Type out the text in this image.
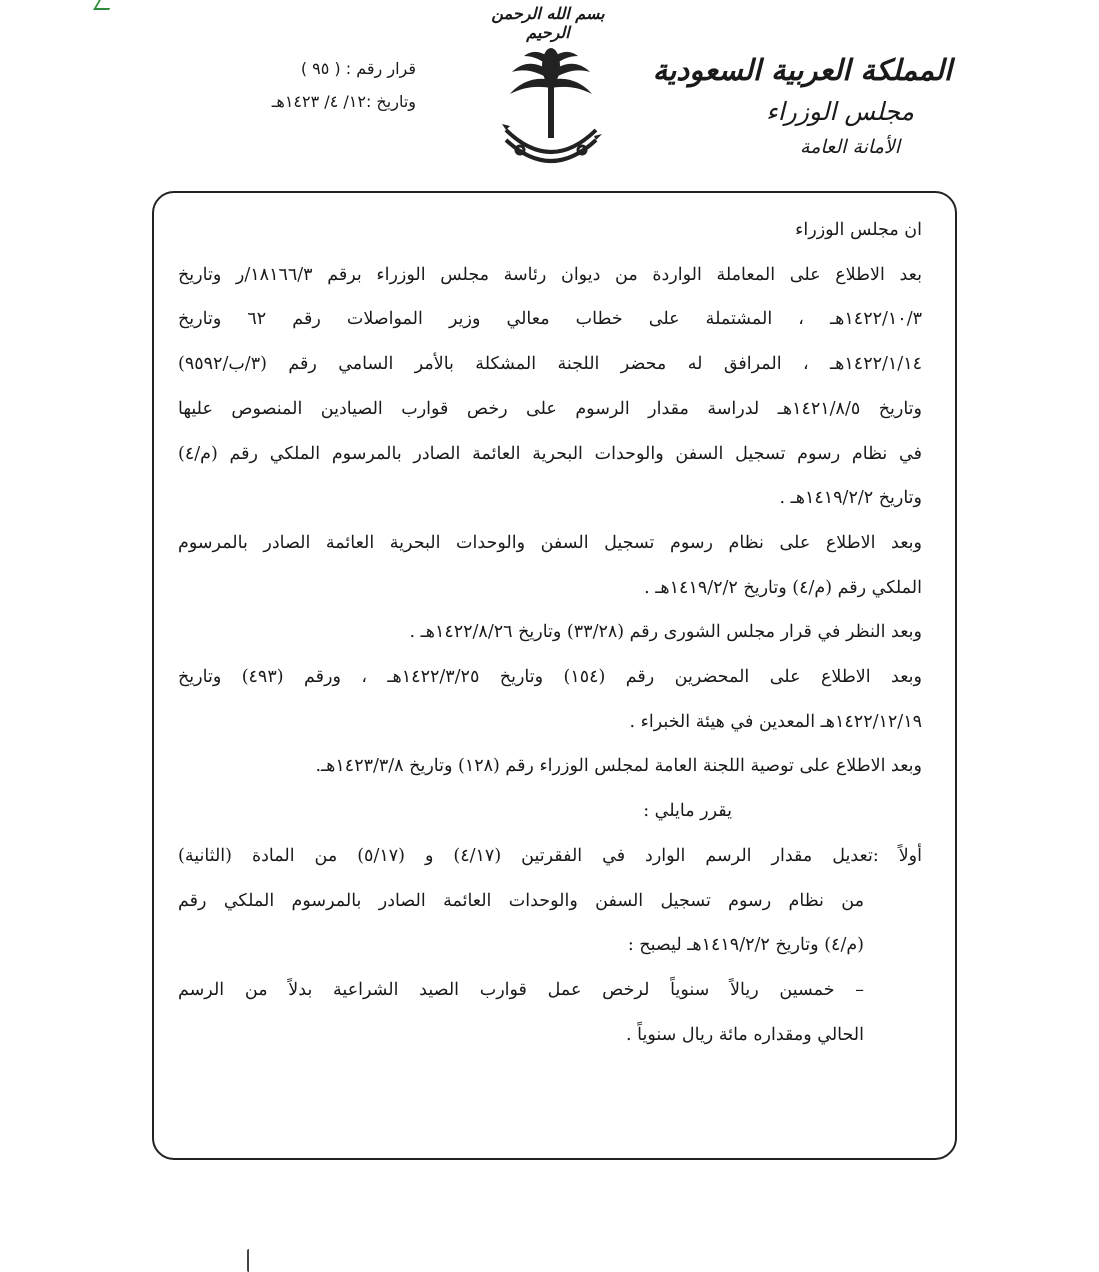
بسم الله الرحمن الرحيم
قرار رقم : ( ٩٥ )
وتاريخ :١٢/ ٤/ ١٤٢٣هـ
المملكة العربية السعودية
مجلس الوزراء
الأمانة العامة
ان مجلس الوزراء
بعد الاطلاع على المعاملة الواردة من ديوان رئاسة مجلس الوزراء برقم ١٨١٦٦/٣/ر وتاريخ
١٤٢٢/١٠/٣هـ ، المشتملة على خطاب معالي وزير المواصلات رقم ٦٢ وتاريخ
١٤٢٢/١/١٤هـ ، المرافق له محضر اللجنة المشكلة بالأمر السامي رقم (٣/ب/٩٥٩٢)
وتاريخ ١٤٢١/٨/٥هـ لدراسة مقدار الرسوم على رخص قوارب الصيادين المنصوص عليها
في نظام رسوم تسجيل السفن والوحدات البحرية العائمة الصادر بالمرسوم الملكي رقم (م/٤)
وتاريخ ١٤١٩/٢/٢هـ .
وبعد الاطلاع على نظام رسوم تسجيل السفن والوحدات البحرية العائمة الصادر بالمرسوم
الملكي رقم (م/٤) وتاريخ ١٤١٩/٢/٢هـ .
وبعد النظر في قرار مجلس الشورى رقم (٣٣/٢٨) وتاريخ ١٤٢٢/٨/٢٦هـ .
وبعد الاطلاع على المحضرين رقم (١٥٤) وتاريخ ١٤٢٢/٣/٢٥هـ ، ورقم (٤٩٣) وتاريخ
١٤٢٢/١٢/١٩هـ المعدين في هيئة الخبراء .
وبعد الاطلاع على توصية اللجنة العامة لمجلس الوزراء رقم (١٢٨) وتاريخ ١٤٢٣/٣/٨هـ.
يقرر مايلي :
أولاً :تعديل مقدار الرسم الوارد في الفقرتين (٤/١٧) و (٥/١٧) من المادة (الثانية)
من نظام رسوم تسجيل السفن والوحدات العائمة الصادر بالمرسوم الملكي رقم
(م/٤) وتاريخ ١٤١٩/٢/٢هـ ليصبح :
– خمسين ريالاً سنوياً لرخص عمل قوارب الصيد الشراعية بدلاً من الرسم
الحالي ومقداره مائة ريال سنوياً .
